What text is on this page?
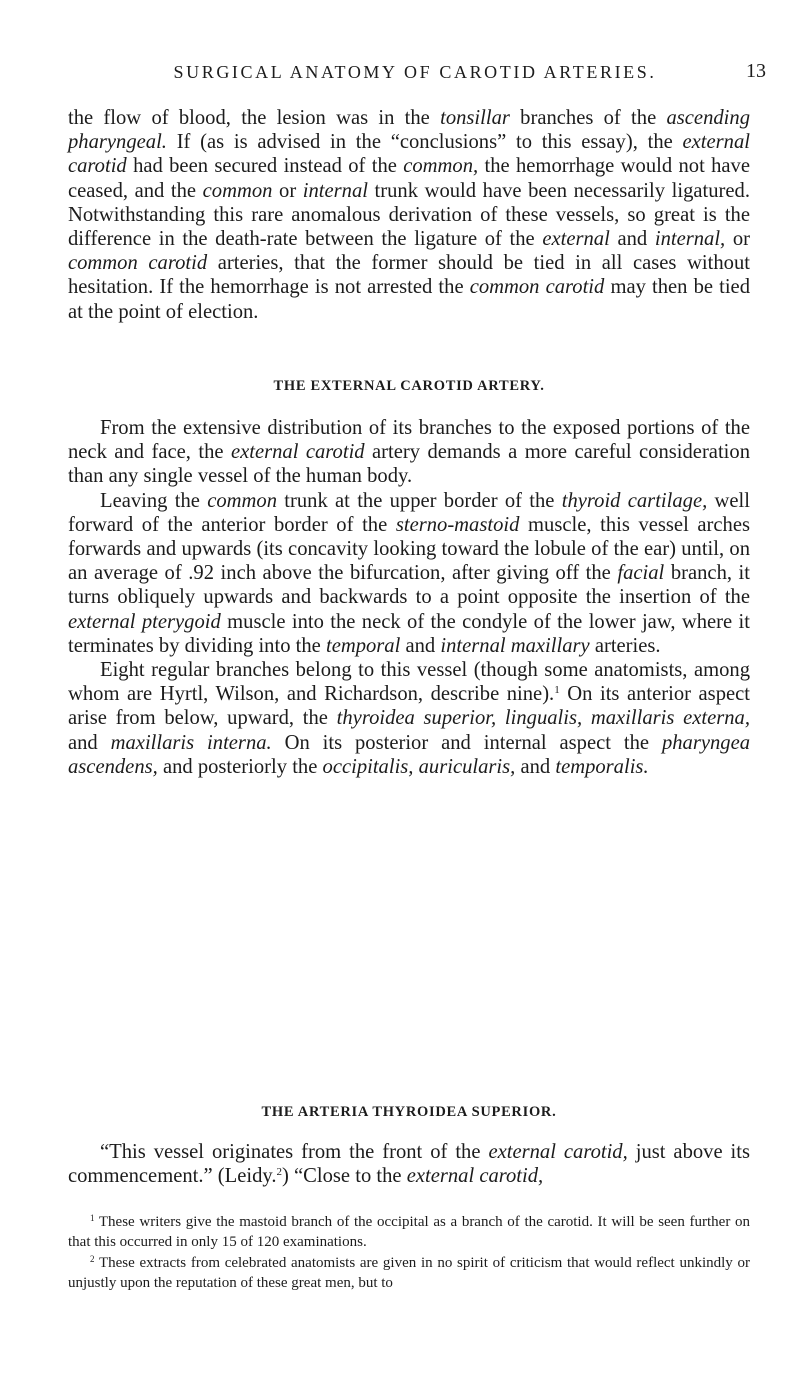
SURGICAL ANATOMY OF CAROTID ARTERIES.	13

the flow of blood, the lesion was in the tonsillar branches of the ascending pharyngeal. If (as is advised in the “conclusions” to this essay), the external carotid had been secured instead of the common, the hemorrhage would not have ceased, and the common or internal trunk would have been necessarily ligatured. Notwithstanding this rare anomalous derivation of these vessels, so great is the difference in the death-rate between the ligature of the external and internal, or common carotid arteries, that the former should be tied in all cases without hesitation. If the hemorrhage is not arrested the common carotid may then be tied at the point of election.

THE EXTERNAL CAROTID ARTERY.

From the extensive distribution of its branches to the exposed portions of the neck and face, the external carotid artery demands a more careful consideration than any single vessel of the human body.

Leaving the common trunk at the upper border of the thyroid cartilage, well forward of the anterior border of the sterno-mastoid muscle, this vessel arches forwards and upwards (its concavity looking toward the lobule of the ear) until, on an average of .92 inch above the bifurcation, after giving off the facial branch, it turns obliquely upwards and backwards to a point opposite the insertion of the external pterygoid muscle into the neck of the condyle of the lower jaw, where it terminates by dividing into the temporal and internal maxillary arteries.

Eight regular branches belong to this vessel (though some anatomists, among whom are Hyrtl, Wilson, and Richardson, describe nine).$^1$ On its anterior aspect arise from below, upward, the thyroidea superior, lingualis, maxillaris externa, and maxillaris interna. On its posterior and internal aspect the pharyngea ascendens, and posteriorly the occipitalis, auricularis, and temporalis.

THE ARTERIA THYROIDEA SUPERIOR.

“This vessel originates from the front of the external carotid, just above its commencement.” (Leidy.$^2$) “Close to the external carotid,

$^1$ These writers give the mastoid branch of the occipital as a branch of the carotid. It will be seen further on that this occurred in only 15 of 120 examinations.

$^2$ These extracts from celebrated anatomists are given in no spirit of criticism that would reflect unkindly or unjustly upon the reputation of these great men, but to
